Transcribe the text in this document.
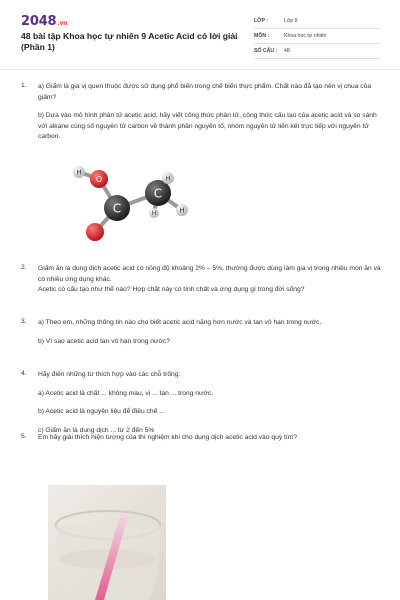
2048.vn
48 bài tập Khoa học tự nhiên 9 Acetic Acid có lời giải (Phần 1)
LỚP :	Lớp 9
MÔN :	Khoa học tự nhiên
SỐ CÂU :	48
1. a) Giấm là gia vị quen thuộc được sử dụng phổ biến trong chế biến thực phẩm. Chất nào đã tạo nên vị chua của giấm?

b) Dựa vào mô hình phân tử acetic acid, hãy viết công thức phân tử, công thức cấu tạo của acetic acid và so sánh với alkane cùng số nguyên tử carbon về thành phần nguyên tố, nhóm nguyên tử liên kết trực tiếp với nguyên tử carbon.

2. Giấm ăn là dung dịch acetic acid có nồng độ khoảng 2% – 5%, thường được dùng làm gia vị trong nhiều món ăn và có nhiều ứng dụng khác.

Acetic có cấu tạo như thế nào? Hợp chất này có tính chất và ứng dụng gì trong đời sống?

3. a) Theo em, những thông tin nào cho biết acetic acid nặng hơn nước và tan vô hạn trong nước.

b) Vì sao acetic acid tan vô hạn trong nước?

4. Hãy điền những từ thích hợp vào các chỗ trống:

a) Acetic acid là chất ... không màu, vị ... tan ... trong nước.

b) Acetic acid là nguyên liệu để điều chế ...

c) Giấm ăn là dung dịch ... từ 2 đến 5%

5. Em hãy giải thích hiện tượng của thí nghiệm khi cho dung dịch acetic acid vào quỳ tím?

H
O
C
C
H
H
H
